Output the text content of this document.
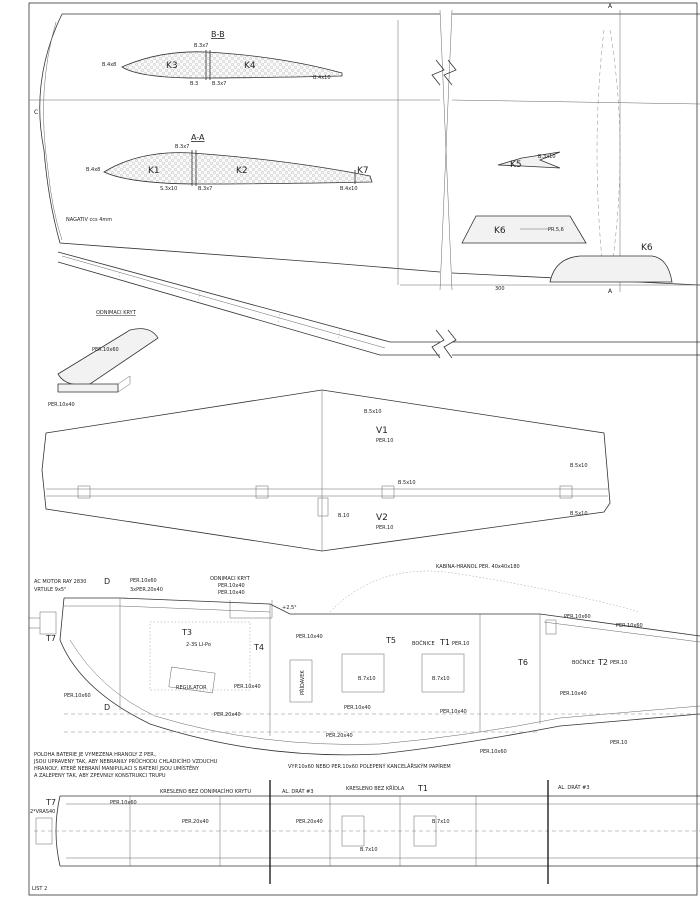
C
A
A
NAGATIV ccs 4mm
300
B-B
B.4x8
B.3x7
K3	K4
B.3	B.3x7
B.4x10
A-A
B.4x8
B.3x7
K1	K2	K7
S.3x10	B.3x7	B.4x10
K5
B.3x10
K6	PR.5,6
K6
ODNIMACI KRYT
PER.10x60
PER.10x40
V1
PER.10
V2
PER.10
B.5x10
B.5x10
B.5x10
B.5x10
B.10
AC MOTOR RAY 2830
VRTULE 9x5"
D
D
T7
T3
2-3S LI-Po
REGULATOR
T4
T5
T6
BOČNICE T1 PER.10
BOČNICE T2 PER.10
PER.10x60
3xPER.20x40
ODNIMACI KRYT
PER.10x40
PER.10x40
KABINA-HRANOL PER. 40x40x180
+2,5°
PER.10x40
PER.10x40	PŘÍDAVEK	B.7x10	B.7x10
PER.10x40
PER.10x40
PER.10x60
PER.10x60
PER.10x60
PER.10x60
PER.10x40
PER.20x40
PER.20x40
PER.10
POLOHA BATERIE JE VYMEZENA HRANOLY Z PER.,
JSOU UPRAVENY TAK, ABY NEBRANILY PRŮCHODU CHLADICÍHO VZDUCHU
HRANOLY, KTERÉ NEBRANÍ MANIPULACI S BATERIÍ JSOU UMÍSTĚNY
A ZALEPENY TAK, ABY ZPEVNILY KONSTRUKCI TRUPU
VYP.10x60 NEBO PER.10x60 POLEPENÝ KANCELÁŘSKÝM PAPÍREM
2*VRAS40
T7	PER.10x60
KRESLENO BEZ ODNIMACÍHO KRYTU	AL. DRÁT #3	KRESLENO BEZ KŘÍDLA T1	AL. DRÁT #3
PER.20x40	PER.20x40	B.7x10
B.7x10
LIST 2
